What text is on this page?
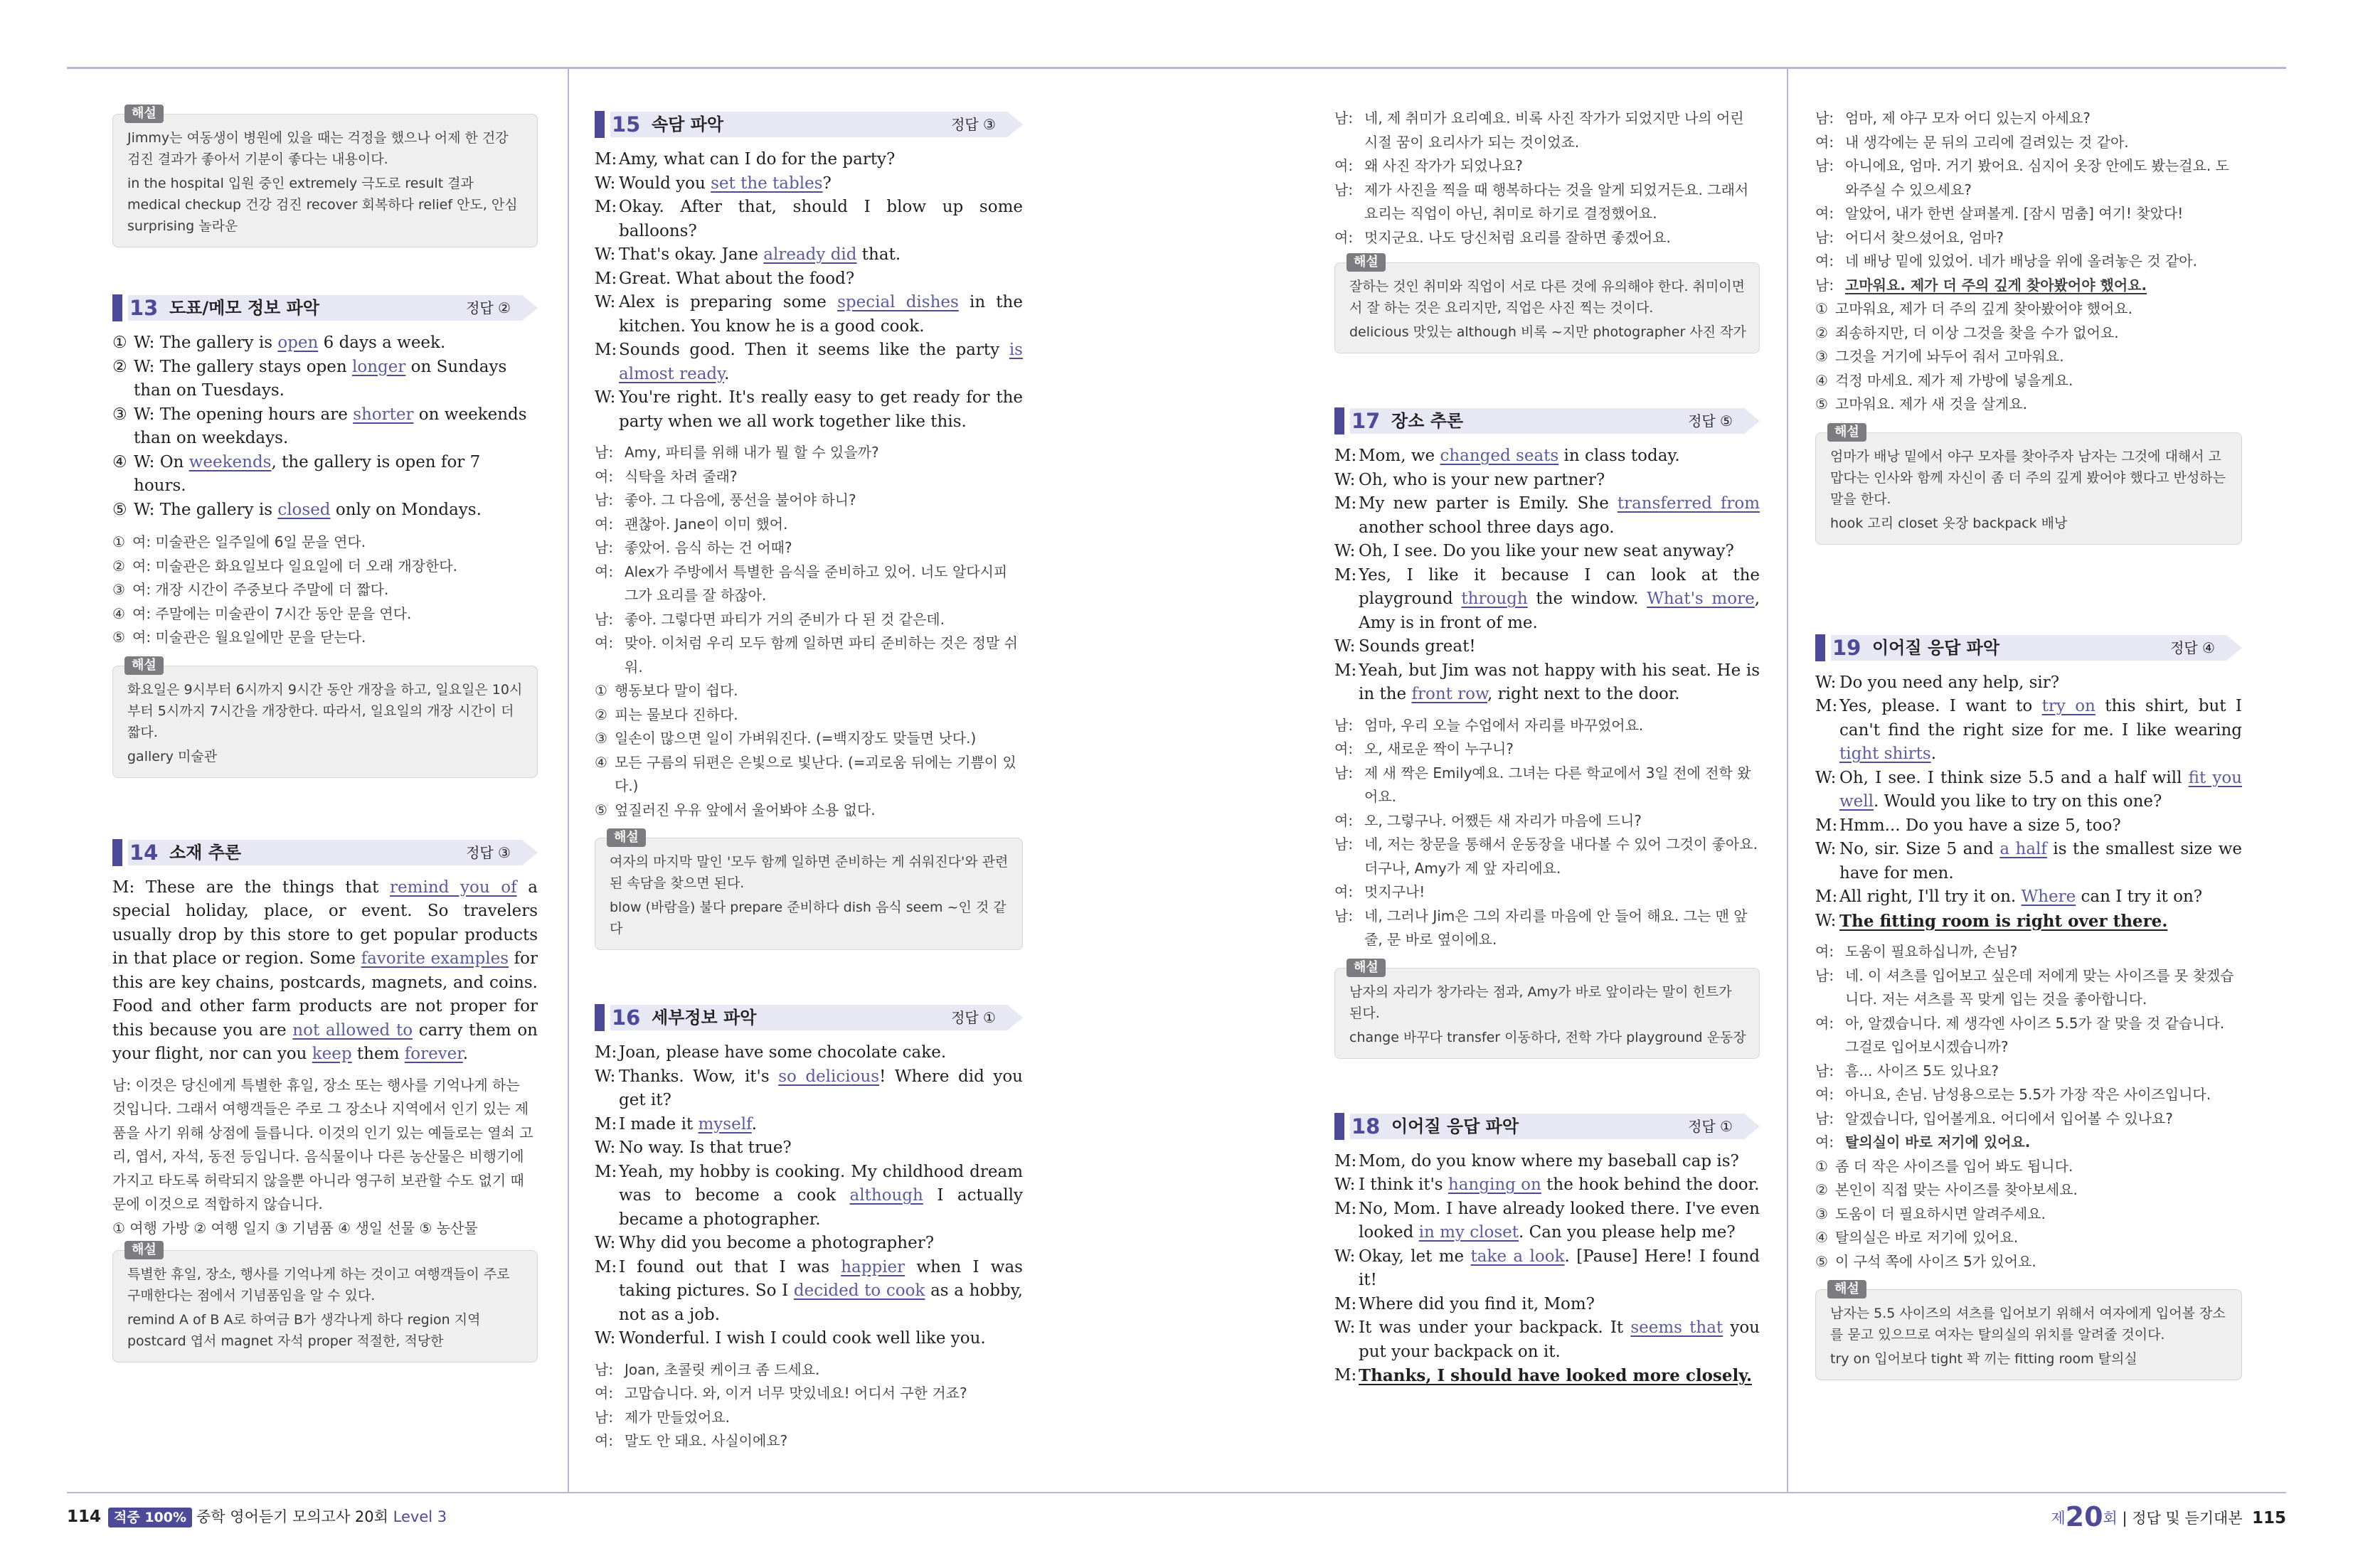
해설
Jimmy는 여동생이 병원에 있을 때는 걱정을 했으나 어제 한 건강 검진 결과가 좋아서 기분이 좋다는 내용이다.
in the hospital 입원 중인 extremely 극도로 result 결과 medical checkup 건강 검진 recover 회복하다 relief 안도, 안심 surprising 놀라운
13 도표/메모 정보 파악	정답 ②
① W: The gallery is open 6 days a week.
② W: The gallery stays open longer on Sundays than on Tuesdays.
③ W: The opening hours are shorter on weekends than on weekdays.
④ W: On weekends, the gallery is open for 7 hours.
⑤ W: The gallery is closed only on Mondays.
① 여: 미술관은 일주일에 6일 문을 연다.
② 여: 미술관은 화요일보다 일요일에 더 오래 개장한다.
③ 여: 개장 시간이 주중보다 주말에 더 짧다.
④ 여: 주말에는 미술관이 7시간 동안 문을 연다.
⑤ 여: 미술관은 월요일에만 문을 닫는다.
해설
화요일은 9시부터 6시까지 9시간 동안 개장을 하고, 일요일은 10시부터 5시까지 7시간을 개장한다. 따라서, 일요일의 개장 시간이 더 짧다.
gallery 미술관
14 소재 추론	정답 ③
M: These are the things that remind you of a special holiday, place, or event. So travelers usually drop by this store to get popular products in that place or region. Some favorite examples for this are key chains, postcards, magnets, and coins. Food and other farm products are not proper for this because you are not allowed to carry them on your flight, nor can you keep them forever.
남: 이것은 당신에게 특별한 휴일, 장소 또는 행사를 기억나게 하는 것입니다. 그래서 여행객들은 주로 그 장소나 지역에서 인기 있는 제품을 사기 위해 상점에 들릅니다. 이것의 인기 있는 예들로는 열쇠 고리, 엽서, 자석, 동전 등입니다. 음식물이나 다른 농산물은 비행기에 가지고 타도록 허락되지 않을뿐 아니라 영구히 보관할 수도 없기 때문에 이것으로 적합하지 않습니다.
① 여행 가방 ② 여행 일지 ③ 기념품 ④ 생일 선물 ⑤ 농산물
해설
특별한 휴일, 장소, 행사를 기억나게 하는 것이고 여행객들이 주로 구매한다는 점에서 기념품임을 알 수 있다.
remind A of B A로 하여금 B가 생각나게 하다 region 지역 postcard 엽서 magnet 자석 proper 적절한, 적당한
15 속담 파악	정답 ③
M: Amy, what can I do for the party?
W: Would you set the tables?
M: Okay. After that, should I blow up some balloons?
W: That's okay. Jane already did that.
M: Great. What about the food?
W: Alex is preparing some special dishes in the kitchen. You know he is a good cook.
M: Sounds good. Then it seems like the party is almost ready.
W: You're right. It's really easy to get ready for the party when we all work together like this.
남: Amy, 파티를 위해 내가 뭘 할 수 있을까?
여: 식탁을 차려 줄래?
남: 좋아. 그 다음에, 풍선을 불어야 하니?
여: 괜찮아. Jane이 이미 했어.
남: 좋았어. 음식 하는 건 어때?
여: Alex가 주방에서 특별한 음식을 준비하고 있어. 너도 알다시피 그가 요리를 잘 하잖아.
남: 좋아. 그렇다면 파티가 거의 준비가 다 된 것 같은데.
여: 맞아. 이처럼 우리 모두 함께 일하면 파티 준비하는 것은 정말 쉬워.
① 행동보다 말이 쉽다.
② 피는 물보다 진하다.
③ 일손이 많으면 일이 가벼워진다. (=백지장도 맞들면 낫다.)
④ 모든 구름의 뒤편은 은빛으로 빛난다. (=괴로움 뒤에는 기쁨이 있다.)
⑤ 엎질러진 우유 앞에서 울어봐야 소용 없다.
해설
여자의 마지막 말인 '모두 함께 일하면 준비하는 게 쉬워진다'와 관련된 속담을 찾으면 된다.
blow (바람을) 불다 prepare 준비하다 dish 음식 seem ~인 것 같다
16 세부정보 파악	정답 ①
M: Joan, please have some chocolate cake.
W: Thanks. Wow, it's so delicious! Where did you get it?
M: I made it myself.
W: No way. Is that true?
M: Yeah, my hobby is cooking. My childhood dream was to become a cook although I actually became a photographer.
W: Why did you become a photographer?
M: I found out that I was happier when I was taking pictures. So I decided to cook as a hobby, not as a job.
W: Wonderful. I wish I could cook well like you.
남: Joan, 초콜릿 케이크 좀 드세요.
여: 고맙습니다. 와, 이거 너무 맛있네요! 어디서 구한 거죠?
남: 제가 만들었어요.
여: 말도 안 돼요. 사실이에요?
남: 네, 제 취미가 요리예요. 비록 사진 작가가 되었지만 나의 어린 시절 꿈이 요리사가 되는 것이었죠.
여: 왜 사진 작가가 되었나요?
남: 제가 사진을 찍을 때 행복하다는 것을 알게 되었거든요. 그래서 요리는 직업이 아닌, 취미로 하기로 결정했어요.
여: 멋지군요. 나도 당신처럼 요리를 잘하면 좋겠어요.
해설
잘하는 것인 취미와 직업이 서로 다른 것에 유의해야 한다. 취미이면서 잘 하는 것은 요리지만, 직업은 사진 찍는 것이다.
delicious 맛있는 although 비록 ~지만 photographer 사진 작가
17 장소 추론	정답 ⑤
M: Mom, we changed seats in class today.
W: Oh, who is your new partner?
M: My new parter is Emily. She transferred from another school three days ago.
W: Oh, I see. Do you like your new seat anyway?
M: Yes, I like it because I can look at the playground through the window. What's more, Amy is in front of me.
W: Sounds great!
M: Yeah, but Jim was not happy with his seat. He is in the front row, right next to the door.
남: 엄마, 우리 오늘 수업에서 자리를 바꾸었어요.
여: 오, 새로운 짝이 누구니?
남: 제 새 짝은 Emily예요. 그녀는 다른 학교에서 3일 전에 전학 왔어요.
여: 오, 그렇구나. 어쨌든 새 자리가 마음에 드니?
남: 네, 저는 창문을 통해서 운동장을 내다볼 수 있어 그것이 좋아요. 더구나, Amy가 제 앞 자리에요.
여: 멋지구나!
남: 네, 그러나 Jim은 그의 자리를 마음에 안 들어 해요. 그는 맨 앞줄, 문 바로 옆이에요.
해설
남자의 자리가 창가라는 점과, Amy가 바로 앞이라는 말이 힌트가 된다.
change 바꾸다 transfer 이동하다, 전학 가다 playground 운동장
18 이어질 응답 파악	정답 ①
M: Mom, do you know where my baseball cap is?
W: I think it's hanging on the hook behind the door.
M: No, Mom. I have already looked there. I've even looked in my closet. Can you please help me?
W: Okay, let me take a look. [Pause] Here! I found it!
M: Where did you find it, Mom?
W: It was under your backpack. It seems that you put your backpack on it.
M: Thanks, I should have looked more closely.
남: 엄마, 제 야구 모자 어디 있는지 아세요?
여: 내 생각에는 문 뒤의 고리에 걸려있는 것 같아.
남: 아니에요, 엄마. 거기 봤어요. 심지어 옷장 안에도 봤는걸요. 도와주실 수 있으세요?
여: 알았어, 내가 한번 살펴볼게. [잠시 멈춤] 여기! 찾았다!
남: 어디서 찾으셨어요, 엄마?
여: 네 배낭 밑에 있었어. 네가 배낭을 위에 올려놓은 것 같아.
남: 고마워요. 제가 더 주의 깊게 찾아봤어야 했어요.
① 고마워요, 제가 더 주의 깊게 찾아봤어야 했어요.
② 죄송하지만, 더 이상 그것을 찾을 수가 없어요.
③ 그것을 거기에 놔두어 줘서 고마워요.
④ 걱정 마세요. 제가 제 가방에 넣을게요.
⑤ 고마워요. 제가 새 것을 살게요.
해설
엄마가 배낭 밑에서 야구 모자를 찾아주자 남자는 그것에 대해서 고맙다는 인사와 함께 자신이 좀 더 주의 깊게 봤어야 했다고 반성하는 말을 한다.
hook 고리 closet 옷장 backpack 배낭
19 이어질 응답 파악	정답 ④
W: Do you need any help, sir?
M: Yes, please. I want to try on this shirt, but I can't find the right size for me. I like wearing tight shirts.
W: Oh, I see. I think size 5.5 and a half will fit you well. Would you like to try on this one?
M: Hmm... Do you have a size 5, too?
W: No, sir. Size 5 and a half is the smallest size we have for men.
M: All right, I'll try it on. Where can I try it on?
W: The fitting room is right over there.
여: 도움이 필요하십니까, 손님?
남: 네. 이 셔츠를 입어보고 싶은데 저에게 맞는 사이즈를 못 찾겠습니다. 저는 셔츠를 꼭 맞게 입는 것을 좋아합니다.
여: 아, 알겠습니다. 제 생각엔 사이즈 5.5가 잘 맞을 것 같습니다. 그걸로 입어보시겠습니까?
남: 흠... 사이즈 5도 있나요?
여: 아니요, 손님. 남성용으로는 5.5가 가장 작은 사이즈입니다.
남: 알겠습니다, 입어볼게요. 어디에서 입어볼 수 있나요?
여: 탈의실이 바로 저기에 있어요.
① 좀 더 작은 사이즈를 입어 봐도 됩니다.
② 본인이 직접 맞는 사이즈를 찾아보세요.
③ 도움이 더 필요하시면 알려주세요.
④ 탈의실은 바로 저기에 있어요.
⑤ 이 구석 쪽에 사이즈 5가 있어요.
해설
남자는 5.5 사이즈의 셔츠를 입어보기 위해서 여자에게 입어볼 장소를 묻고 있으므로 여자는 탈의실의 위치를 알려줄 것이다.
try on 입어보다 tight 꽉 끼는 fitting room 탈의실
114 적중 100% 중학 영어듣기 모의고사 20회 Level 3	제20회 | 정답 및 듣기대본 115
